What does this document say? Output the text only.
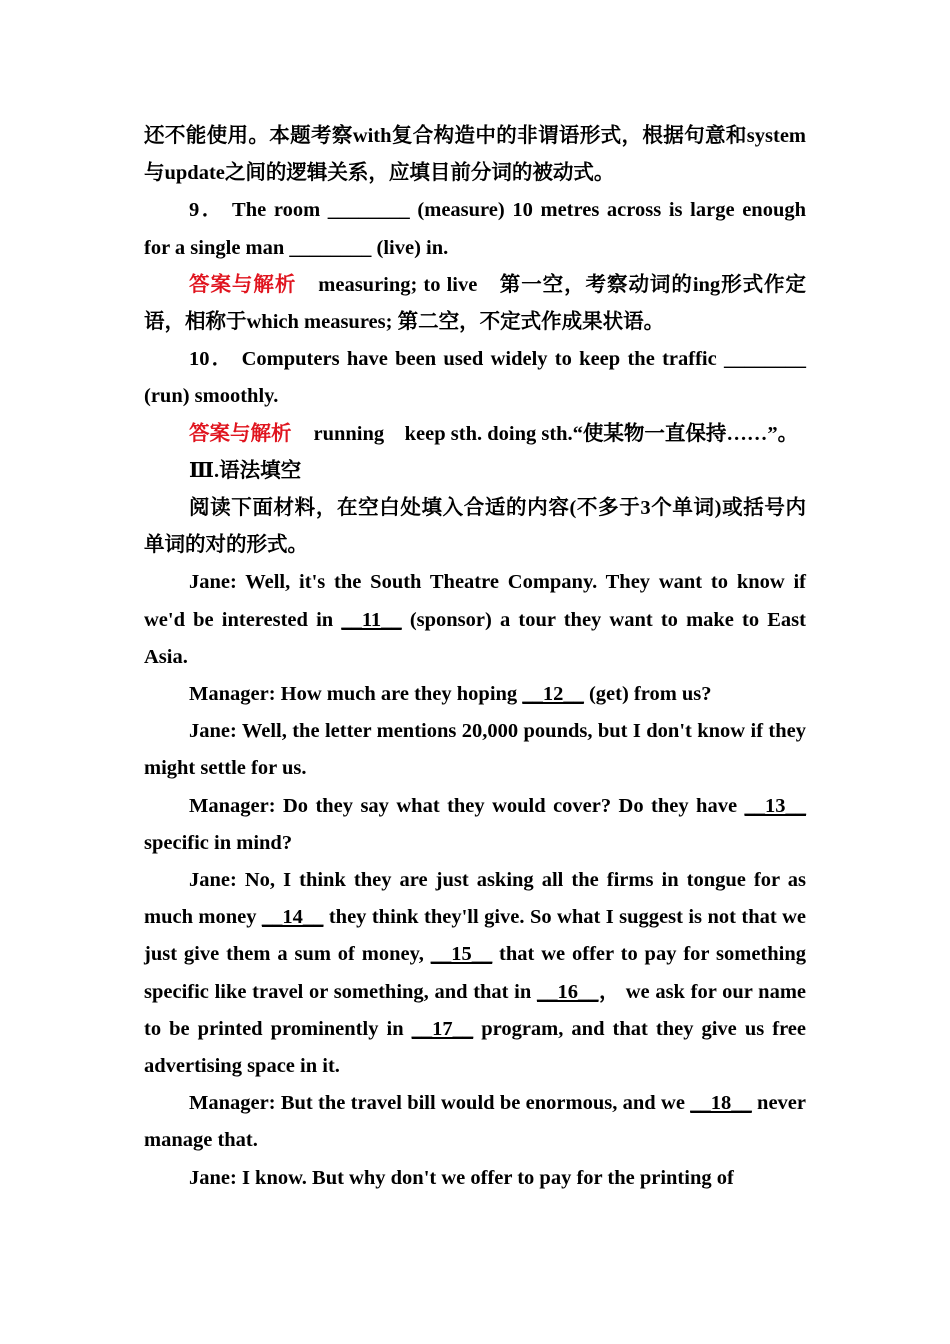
还不能使用。本题考察with复合构造中的非谓语形式，根据句意和system与update之间的逻辑关系，应填目前分词的被动式。

9． The room ________ (measure) 10 metres across is large enough for a single man ________ (live) in.

答案与解析 measuring; to live　第一空，考察动词的ing形式作定语，相称于which measures; 第二空，不定式作成果状语。

10． Computers have been used widely to keep the traffic ________ (run) smoothly.

答案与解析 running　keep sth. doing sth.“使某物一直保持……”。

Ⅲ.语法填空

阅读下面材料，在空白处填入合适的内容(不多于3个单词)或括号内单词的对的形式。

Jane: Well, it's the South Theatre Company. They want to know if we'd be interested in __11__ (sponsor) a tour they want to make to East Asia.

Manager: How much are they hoping __12__ (get) from us?

Jane: Well, the letter mentions 20,000 pounds, but I don't know if they might settle for us.

Manager: Do they say what they would cover? Do they have __13__ specific in mind?

Jane: No, I think they are just asking all the firms in tongue for as much money __14__ they think they'll give. So what I suggest is not that we just give them a sum of money, __15__ that we offer to pay for something specific like travel or something, and that in __16__， we ask for our name to be printed prominently in __17__ program, and that they give us free advertising space in it.

Manager: But the travel bill would be enormous, and we __18__ never manage that.

Jane: I know. But why don't we offer to pay for the printing of
